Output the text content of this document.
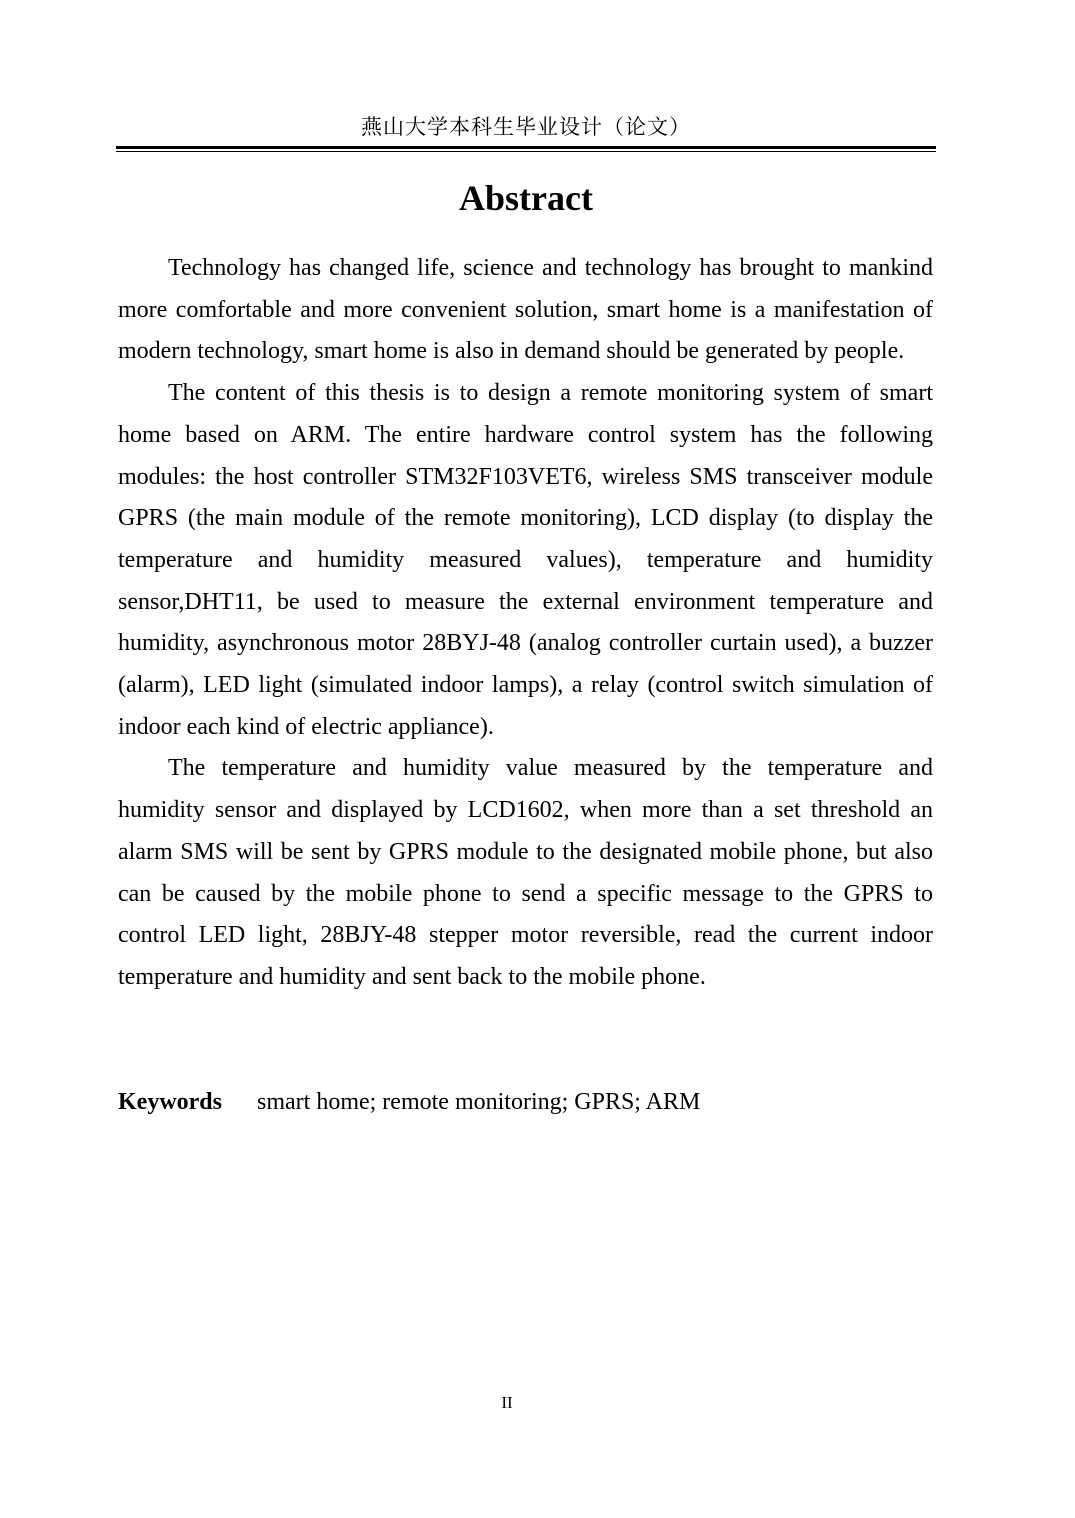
燕山大学本科生毕业设计（论文）
Abstract

Technology has changed life, science and technology has brought to mankind more comfortable and more convenient solution, smart home is a manifestation of modern technology, smart home is also in demand should be generated by people.

The content of this thesis is to design a remote monitoring system of smart home based on ARM. The entire hardware control system has the following modules: the host controller STM32F103VET6, wireless SMS transceiver module GPRS (the main module of the remote monitoring), LCD display (to display the temperature and humidity measured values), temperature and humidity sensor,DHT11, be used to measure the external environment temperature and humidity, asynchronous motor 28BYJ-48 (analog controller curtain used), a buzzer (alarm), LED light (simulated indoor lamps), a relay (control switch simulation of indoor each kind of electric appliance).

The temperature and humidity value measured by the temperature and humidity sensor and displayed by LCD1602, when more than a set threshold an alarm SMS will be sent by GPRS module to the designated mobile phone, but also can be caused by the mobile phone to send a specific message to the GPRS to control LED light, 28BJY-48 stepper motor reversible, read the current indoor temperature and humidity and sent back to the mobile phone.

Keywords smart home; remote monitoring; GPRS; ARM
II
